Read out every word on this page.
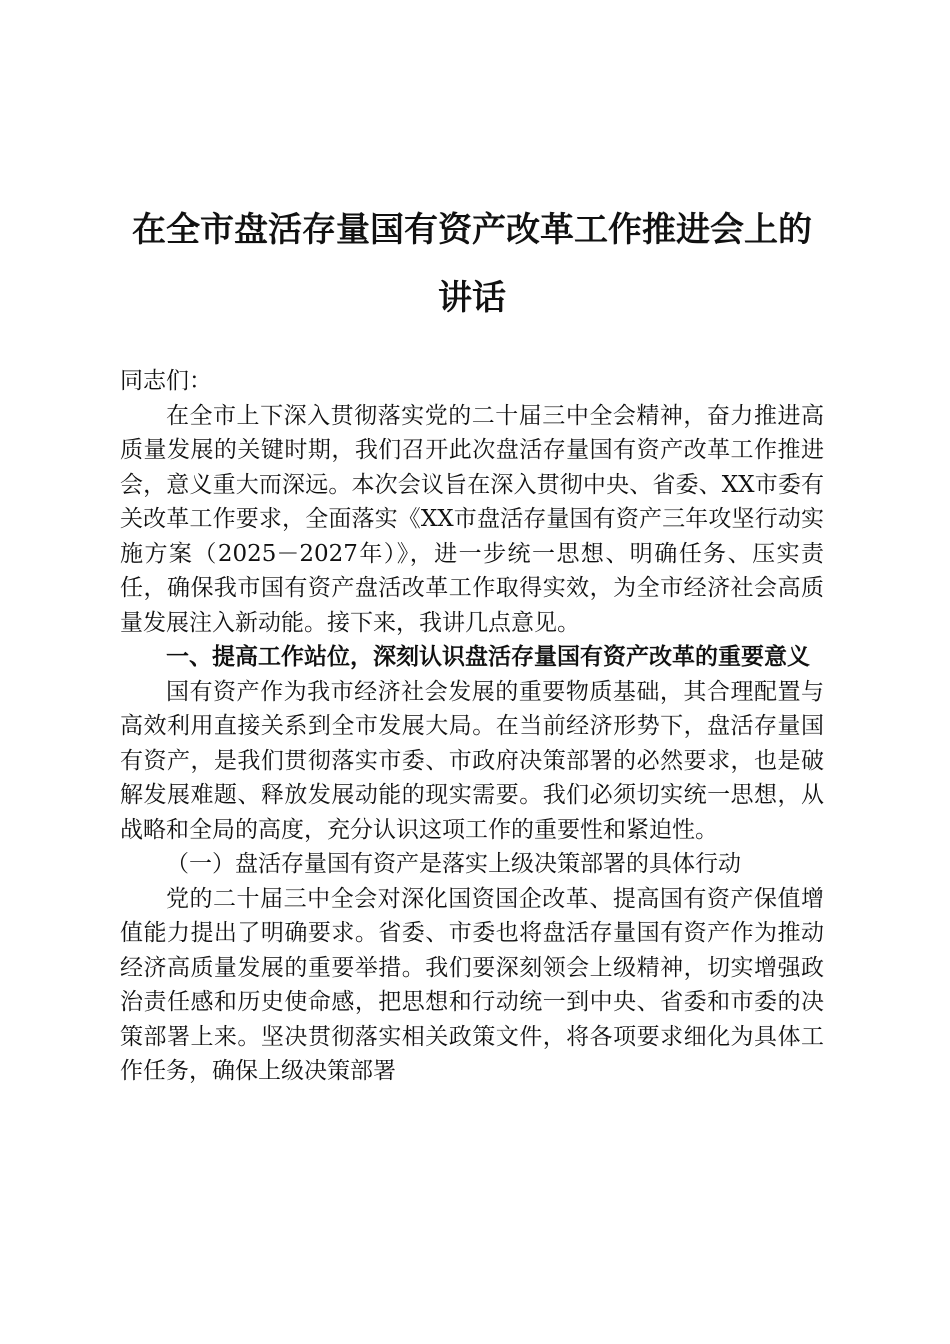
在全市盘活存量国有资产改革工作推进会上的
讲话

同志们：

在全市上下深入贯彻落实党的二十届三中全会精神，奋力推进高质量发展的关键时期，我们召开此次盘活存量国有资产改革工作推进会，意义重大而深远。本次会议旨在深入贯彻中央、省委、XX市委有关改革工作要求，全面落实《XX市盘活存量国有资产三年攻坚行动实施方案（2025－2027年）》，进一步统一思想、明确任务、压实责任，确保我市国有资产盘活改革工作取得实效，为全市经济社会高质量发展注入新动能。接下来，我讲几点意见。

一、提高工作站位，深刻认识盘活存量国有资产改革的重要意义

国有资产作为我市经济社会发展的重要物质基础，其合理配置与高效利用直接关系到全市发展大局。在当前经济形势下，盘活存量国有资产，是我们贯彻落实市委、市政府决策部署的必然要求，也是破解发展难题、释放发展动能的现实需要。我们必须切实统一思想，从战略和全局的高度，充分认识这项工作的重要性和紧迫性。

（一）盘活存量国有资产是落实上级决策部署的具体行动

党的二十届三中全会对深化国资国企改革、提高国有资产保值增值能力提出了明确要求。省委、市委也将盘活存量国有资产作为推动经济高质量发展的重要举措。我们要深刻领会上级精神，切实增强政治责任感和历史使命感，把思想和行动统一到中央、省委和市委的决策部署上来。坚决贯彻落实相关政策文件，将各项要求细化为具体工作任务，确保上级决策部署
